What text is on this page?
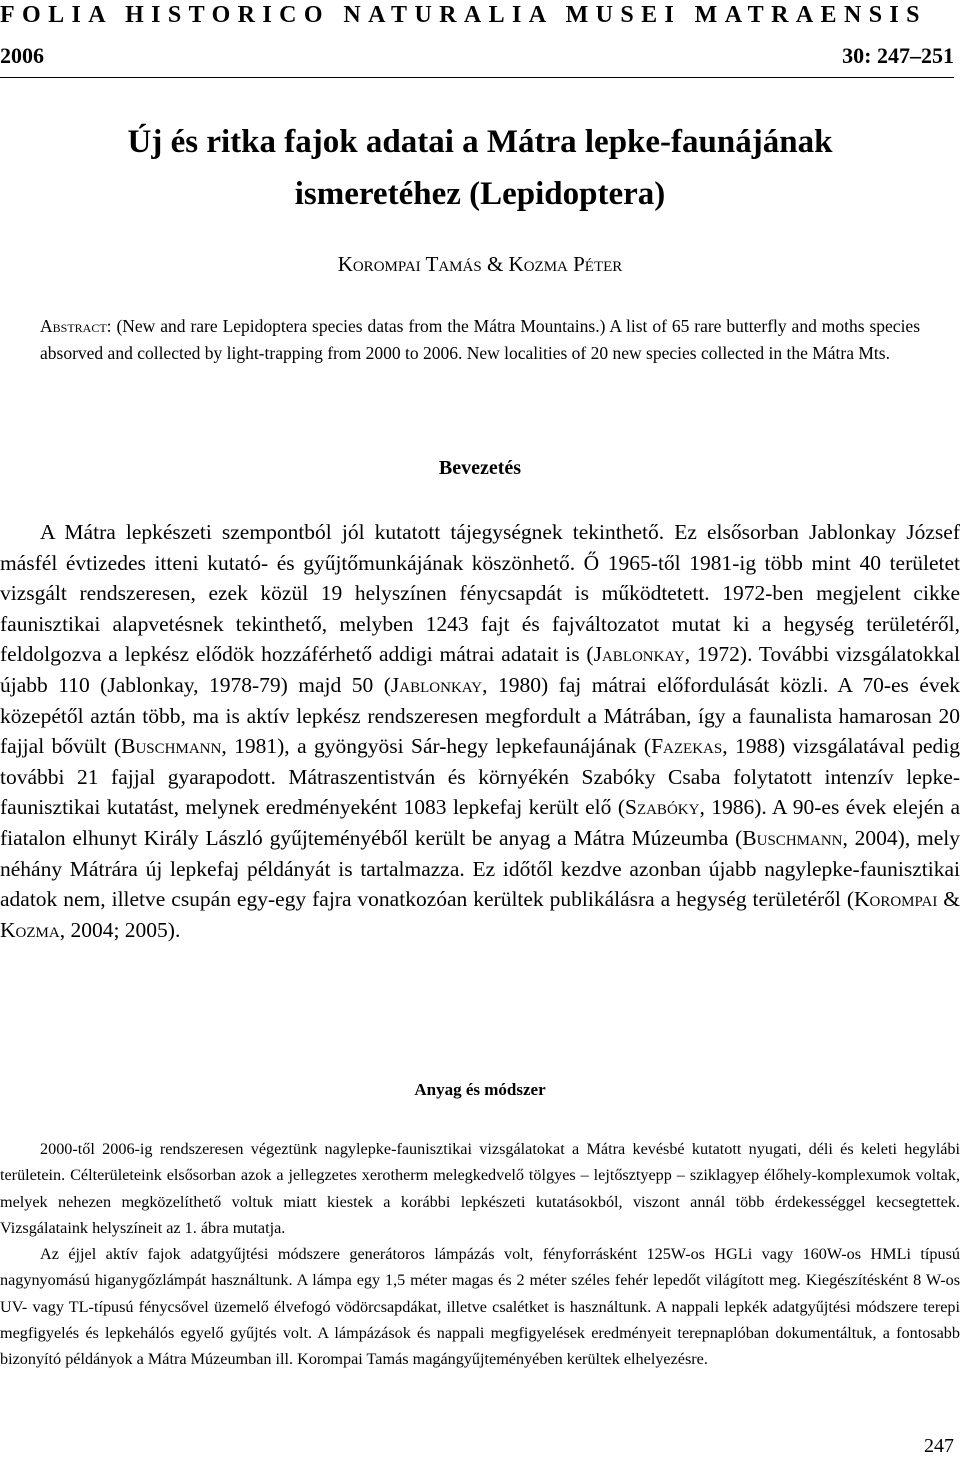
FOLIA HISTORICO NATURALIA MUSEI MATRAENSIS
2006	30: 247–251
Új és ritka fajok adatai a Mátra lepke-faunájának
ismeretéhez (Lepidoptera)
Korompai Tamás & Kozma Péter
Abstract: (New and rare Lepidoptera species datas from the Mátra Mountains.) A list of 65 rare butterfly and moths species absorved and collected by light-trapping from 2000 to 2006. New localities of 20 new species collected in the Mátra Mts.
Bevezetés

A Mátra lepkészeti szempontból jól kutatott tájegységnek tekinthető. Ez elsősorban Jablonkay József másfél évtizedes itteni kutató- és gyűjtőmunkájának köszönhető. Ő 1965-től 1981-ig több mint 40 területet vizsgált rendszeresen, ezek közül 19 helyszínen fénycsapdát is működtetett. 1972-ben megjelent cikke faunisztikai alapvetésnek tekinthető, melyben 1243 fajt és fajváltozatot mutat ki a hegység területéről, feldolgozva a lepkész elődök hozzáférhető addigi mátrai adatait is (Jablonkay, 1972). További vizsgálatokkal újabb 110 (Jablonkay, 1978-79) majd 50 (Jablonkay, 1980) faj mátrai előfordulását közli. A 70-es évek közepétől aztán több, ma is aktív lepkész rendszeresen megfordult a Mátrában, így a faunalista hamarosan 20 fajjal bővült (Buschmann, 1981), a gyöngyösi Sár-hegy lepkefaunájának (Fazekas, 1988) vizsgálatával pedig további 21 fajjal gyarapodott. Mátraszentistván és környékén Szabóky Csaba folytatott intenzív lepke-faunisztikai kutatást, melynek eredményeként 1083 lepkefaj került elő (Szabóky, 1986). A 90-es évek elején a fiatalon elhunyt Király László gyűjteményéből került be anyag a Mátra Múzeumba (Buschmann, 2004), mely néhány Mátrára új lepkefaj példányát is tartalmazza. Ez időtől kezdve azonban újabb nagylepke-faunisztikai adatok nem, illetve csupán egy-egy fajra vonatkozóan kerültek publikálásra a hegység területéről (Korompai & Kozma, 2004; 2005).

Anyag és módszer

2000-től 2006-ig rendszeresen végeztünk nagylepke-faunisztikai vizsgálatokat a Mátra kevésbé kutatott nyugati, déli és keleti hegylábi területein. Célterületeink elsősorban azok a jellegzetes xerotherm melegkedvelő tölgyes – lejtősztyepp – sziklagyep élőhely-komplexumok voltak, melyek nehezen megközelíthető voltuk miatt kiestek a korábbi lepkészeti kutatásokból, viszont annál több érdekességgel kecsegtettek. Vizsgálataink helyszíneit az 1. ábra mutatja.

Az éjjel aktív fajok adatgyűjtési módszere generátoros lámpázás volt, fényforrásként 125W-os HGLi vagy 160W-os HMLi típusú nagynyomású higanygőzlámpát használtunk. A lámpa egy 1,5 méter magas és 2 méter széles fehér lepedőt világított meg. Kiegészítésként 8 W-os UV- vagy TL-típusú fénycsővel üzemelő élvefogó vödörcsapdákat, illetve csalétket is használtunk. A nappali lepkék adatgyűjtési módszere terepi megfigyelés és lepkehálós egyelő gyűjtés volt. A lámpázások és nappali megfigyelések eredményeit terepnaplóban dokumentáltuk, a fontosabb bizonyító példányok a Mátra Múzeumban ill. Korompai Tamás magángyűjteményében kerültek elhelyezésre.

247
